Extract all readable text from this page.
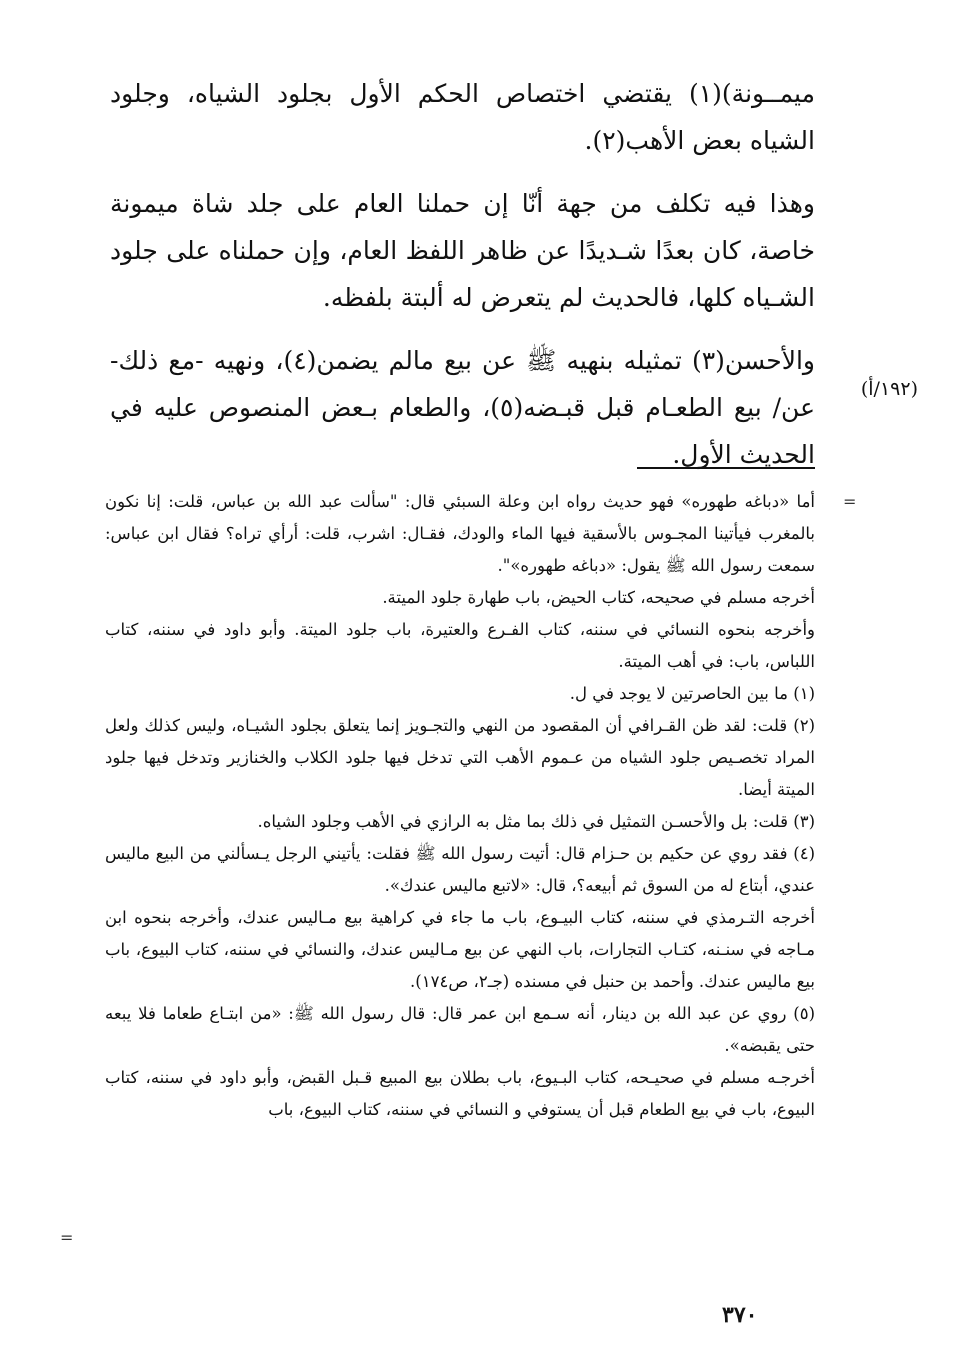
ميمــونة)(١) يقتضي اختصاص الحكم الأول بجلود الشياه، وجلود الشياه بعض الأهب(٢).

وهذا فيه تكلف من جهة أنّا إن حملنا العام على جلد شاة ميمونة خاصة، كان بعدًا شـديدًا عن ظاهر اللفظ العام، وإن حملناه على جلود الشـياه كلها، فالحديث لم يتعرض له ألبتة بلفظه.

والأحسن(٣) تمثيله بنهيه ﷺ عن بيع مالم يضمن(٤)، ونهيه -مع ذلك- عن/ بيع الطعـام قبل قبـضه(٥)، والطعام بـعض المنصوص عليه في الحديث الأول.

(١٩٢/أ)
=

أما «دباغه طهوره» فهو حديث رواه ابن وعلة السبئي قال: "سألت عبد الله بن عباس، قلت: إنا نكون بالمغرب فيأتينا المجـوس بالأسقية فيها الماء والودك، فقـال: اشرب، قلت: أرأي تراه؟ فقال ابن عباس: سمعت رسول الله ﷺ يقول: «دباغه طهوره»".

أخرجه مسلم في صحيحه، كتاب الحيض، باب طهارة جلود الميتة.

وأخرجه بنحوه النسائي في سننه، كتاب الفـرع والعتيرة، باب جلود الميتة. وأبو داود في سننه، كتاب اللباس، باب: في أهب الميتة.

(١) ما بين الحاصرتين لا يوجد في ل.

(٢) قلت: لقد ظن القـرافي أن المقصود من النهي والتجـويز إنما يتعلق بجلود الشيـاه، وليس كذلك ولعل المراد تخصـيص جلود الشياه من عـموم الأهب التي تدخل فيها جلود الكلاب والخنازير وتدخل فيها جلود الميتة أيضا.

(٣) قلت: بل والأحسـن التمثيل في ذلك بما مثل به الرازي في الأهب وجلود الشياه.

(٤) فقد روي عن حكيم بن حـزام قال: أتيت رسول الله ﷺ فقلت: يأتيني الرجل يـسألني من البيع ماليس عندي، أبتاع له من السوق ثم أبيعه؟، قال: «لاتبع ماليس عندك».

أخرجه التـرمذي في سننه، كتاب البيـوع، باب ما جاء في كراهية بيع مـاليس عندك، وأخرجه بنحوه ابن مـاجه في سنـنه، كتـاب التجارات، باب النهي عن بيع مـاليس عندك، والنسائي في سننه، كتاب البيوع، باب بيع ماليس عندك. وأحمد بن حنبل في مسنده (جـ٢، ص١٧٤).

(٥) روي عن عبد الله بن دينار، أنه سـمع ابن عمر قال: قال رسول الله ﷺ: «من ابتـاع طعاما فلا يبعه حتى يقبضه».

أخرجـه مسلم في صحيـحه، كتاب البـيوع، باب بطلان بيع المبيع قـبل القبض، وأبو داود في سننه، كتاب البيوع، باب في بيع الطعام قبل أن يستوفي و النسائي في سننه، كتاب البيوع، باب

=
٣٧٠
